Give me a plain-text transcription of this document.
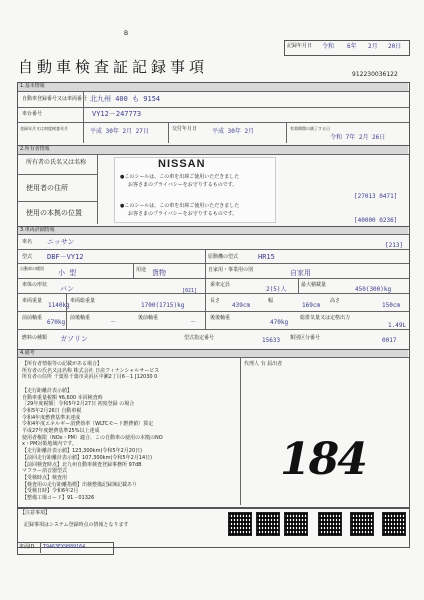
B
記録年月日 令和 6年 2月 20日
自動車検査証記録事項	912230036122
1.基本情報
自動車登録番号又は車両番号 北九州 400 も 9154
車台番号	VY12－247773
登録年月又は初度検査年月	平成 30年 2月 27日	交付年月日 平成 30年 2月	有効期間の満了する日
令和 7年 2月 26日
2.所有者情報
所有者の氏名又は名称
使用者の住所
使用の本拠の位置
NISSAN
●このシールは、この車を出庫ご使用いただきました
お客さまのプライバシーをお守りするものです。
●このシールは、この車を出庫ご使用いただきました
お客さまのプライバシーをお守りするものです。
[27013 0471]
[40000 0236]
3.車両詳細情報
車名 ニッサン	[213]
型式 DBF－VY12	原動機の型式	HR15
自動車の種別
小 型	用途 貨物	自家用・事業用の別	自家用
車体の形状 バン	[021]
乗車定員
2(5)人
最大積載量
450(300)kg
車両重量
1140kg
車両総重量
1700(1715)kg
長さ
439cm
幅
169cm
高さ
150cm
前前軸重
670kg
前後軸重
－
後前軸重
－
後後軸重
470kg
総排気量又は定格出力
1.49L
燃料の種類 ガソリン	型式指定番号	15633 類別区分番号	0017
4.備考
代理人 有 届出者
【所有者情報等の記載がある場合】
所有者の氏名又は名称 株式会社 日産フィナンシャルサービス
所有者の住所 千葉県千葉市美浜区中瀬2丁目6－1 [12030 0
【走行距離計表示値】
自動車重量税額 ¥6,600 本回検査時
［29年度税額］令和5年2月27日 初度登録 の場合
令和5年2月26日 自動車税
令和4年度燃費基準未達成
令和4年度エネルギー消費効率（WLTCモード燃費値）算定
平成27年度燃費基準25%以上達成
使用者権限（NOx・PM）適合、この自動車の使用の本拠のNO
x・PM対策地域内です。
【走行距離計表示値】123,300km(令和5年2月20日)
【前回走行距離計表示値】107,300km(令和5年2月14日)
【前回検査時点】北九州自動車検査登録事務所 97dB
マフラー消音器型式
【受検時点】検査用
【検査用の走行距離指標】出検整備記録簿記載あり
【受検日時】令和6年2月
【整備工場コード】91－01326
184
【注意事項】
記録事項はシステム登録時点の情報となります
車両ID T9463EX9889164
